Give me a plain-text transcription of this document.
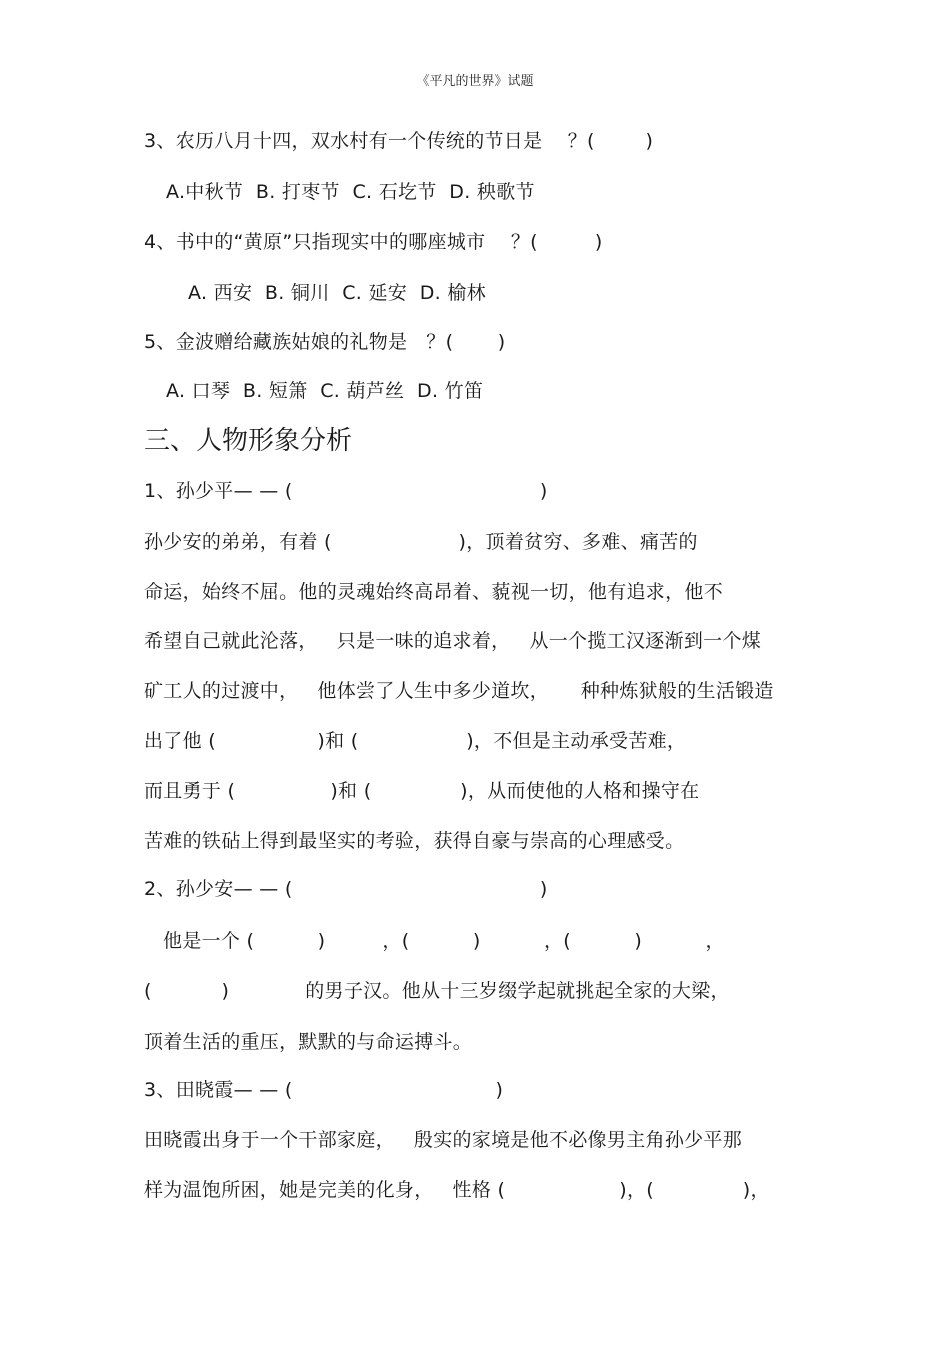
《平凡的世界》试题
3、农历八月十四，双水村有一个传统的节日是    ？(        )
A.中秋节  B. 打枣节  C. 石圪节  D. 秧歌节
4、书中的“黄原”只指现实中的哪座城市    ？(         )
A. 西安  B. 铜川  C. 延安  D. 榆林
5、金波赠给藏族姑娘的礼物是   ？(       )
A. 口琴  B. 短箫  C. 葫芦丝  D. 竹笛
三、人物形象分析
1、孙少平— — (                                       )
孙少安的弟弟，有着 (                    )，顶着贫穷、多难、痛苦的
命运，始终不屈。他的灵魂始终高昂着、藐视一切，他有追求，他不
希望自己就此沦落，   只是一味的追求着，   从一个揽工汉逐渐到一个煤
矿工人的过渡中，   他体尝了人生中多少道坎，     种种炼狱般的生活锻造
出了他 (                )和 (                 )，不但是主动承受苦难，
而且勇于 (               )和 (              )，从而使他的人格和操守在
苦难的铁砧上得到最坚实的考验，获得自豪与崇高的心理感受。
2、孙少安— — (                                       )
他是一个 (          )         ，(          )          ，(          )          ，
(           )            的男子汉。他从十三岁缀学起就挑起全家的大梁，
顶着生活的重压，默默的与命运搏斗。
3、田晓霞— — (                                )
田晓霞出身于一个干部家庭，   殷实的家境是他不必像男主角孙少平那
样为温饱所困，她是完美的化身，   性格 (                  )，(              )，
